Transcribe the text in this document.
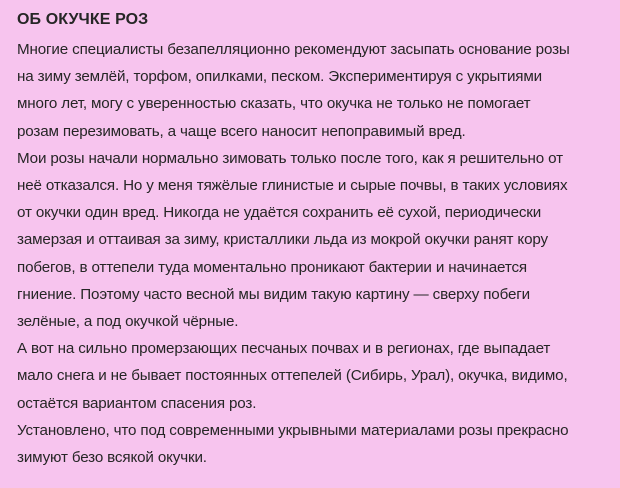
ОБ ОКУЧКЕ РОЗ

Многие специалисты безапелляционно рекомендуют засыпать основание розы

на зиму землёй, торфом, опилками, песком. Экспериментируя с укрытиями

много лет, могу с уверенностью сказать, что окучка не только не помогает

розам перезимовать, а чаще всего наносит непоправимый вред.

Мои розы начали нормально зимовать только после того, как я решительно от

неё отказался. Но у меня тяжёлые глинистые и сырые почвы, в таких условиях

от окучки один вред. Никогда не удаётся сохранить её сухой, периодически

замерзая и оттаивая за зиму, кристаллики льда из мокрой окучки ранят кору

побегов, в оттепели туда моментально проникают бактерии и начинается

гниение. Поэтому часто весной мы видим такую картину — сверху побеги

зелёные, а под окучкой чёрные.

А вот на сильно промерзающих песчаных почвах и в регионах, где выпадает

мало снега и не бывает постоянных оттепелей (Сибирь, Урал), окучка, видимо,

остаётся вариантом спасения роз.

Установлено, что под современными укрывными материалами розы прекрасно

зимуют безо всякой окучки.
